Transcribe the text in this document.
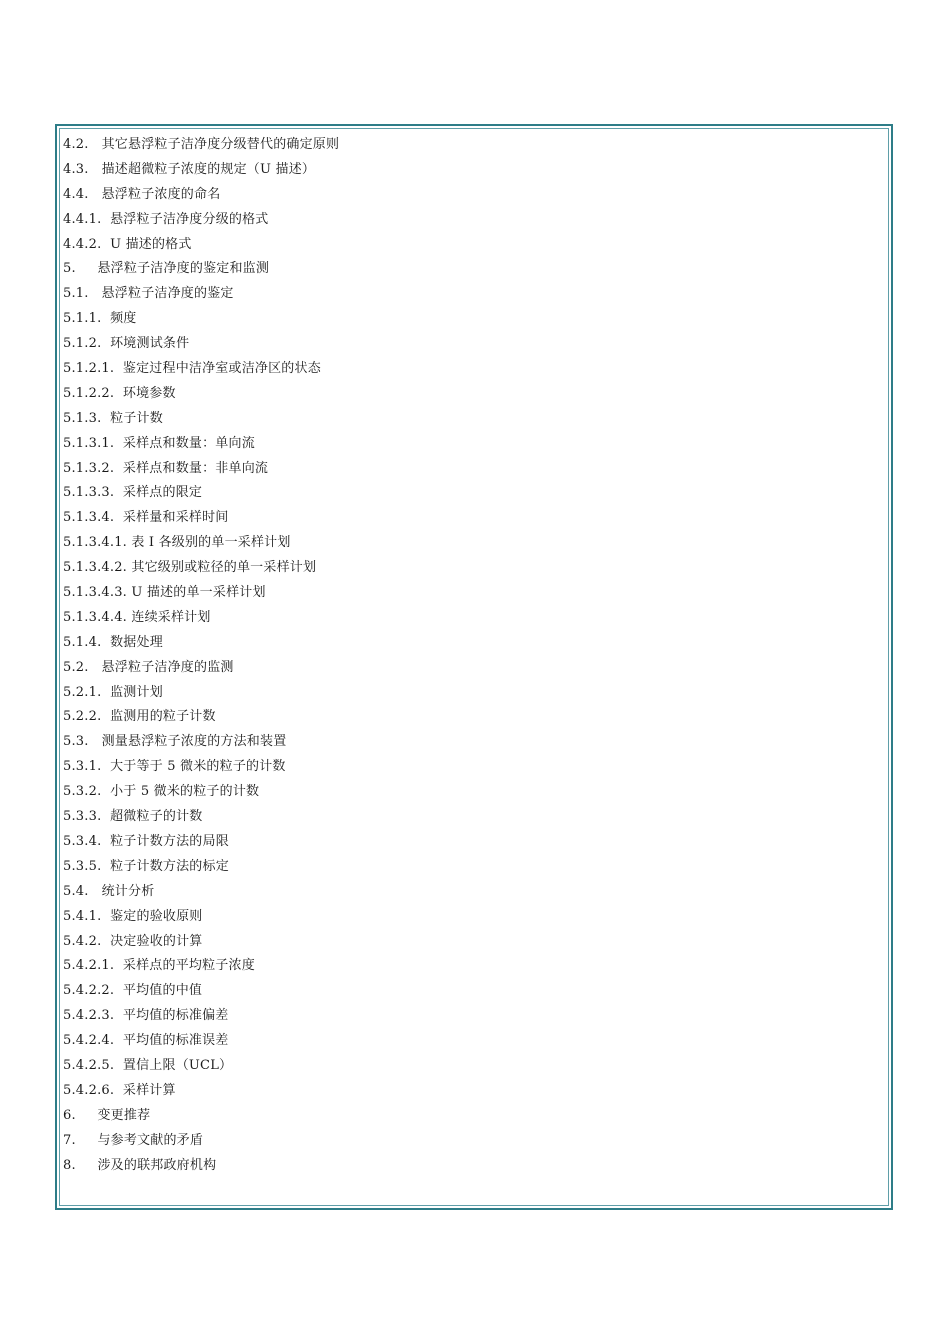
4.2. 其它悬浮粒子洁净度分级替代的确定原则
4.3. 描述超微粒子浓度的规定（U 描述）
4.4. 悬浮粒子浓度的命名
4.4.1. 悬浮粒子洁净度分级的格式
4.4.2. U 描述的格式
5. 悬浮粒子洁净度的鉴定和监测
5.1. 悬浮粒子洁净度的鉴定
5.1.1. 频度
5.1.2. 环境测试条件
5.1.2.1. 鉴定过程中洁净室或洁净区的状态
5.1.2.2. 环境参数
5.1.3. 粒子计数
5.1.3.1. 采样点和数量：单向流
5.1.3.2. 采样点和数量：非单向流
5.1.3.3. 采样点的限定
5.1.3.4. 采样量和采样时间
5.1.3.4.1. 表 I 各级别的单一采样计划
5.1.3.4.2. 其它级别或粒径的单一采样计划
5.1.3.4.3. U 描述的单一采样计划
5.1.3.4.4. 连续采样计划
5.1.4. 数据处理
5.2. 悬浮粒子洁净度的监测
5.2.1. 监测计划
5.2.2. 监测用的粒子计数
5.3. 测量悬浮粒子浓度的方法和装置
5.3.1. 大于等于 5 微米的粒子的计数
5.3.2. 小于 5 微米的粒子的计数
5.3.3. 超微粒子的计数
5.3.4. 粒子计数方法的局限
5.3.5. 粒子计数方法的标定
5.4. 统计分析
5.4.1. 鉴定的验收原则
5.4.2. 决定验收的计算
5.4.2.1. 采样点的平均粒子浓度
5.4.2.2. 平均值的中值
5.4.2.3. 平均值的标准偏差
5.4.2.4. 平均值的标准误差
5.4.2.5. 置信上限（UCL）
5.4.2.6. 采样计算
6. 变更推荐
7. 与参考文献的矛盾
8. 涉及的联邦政府机构
